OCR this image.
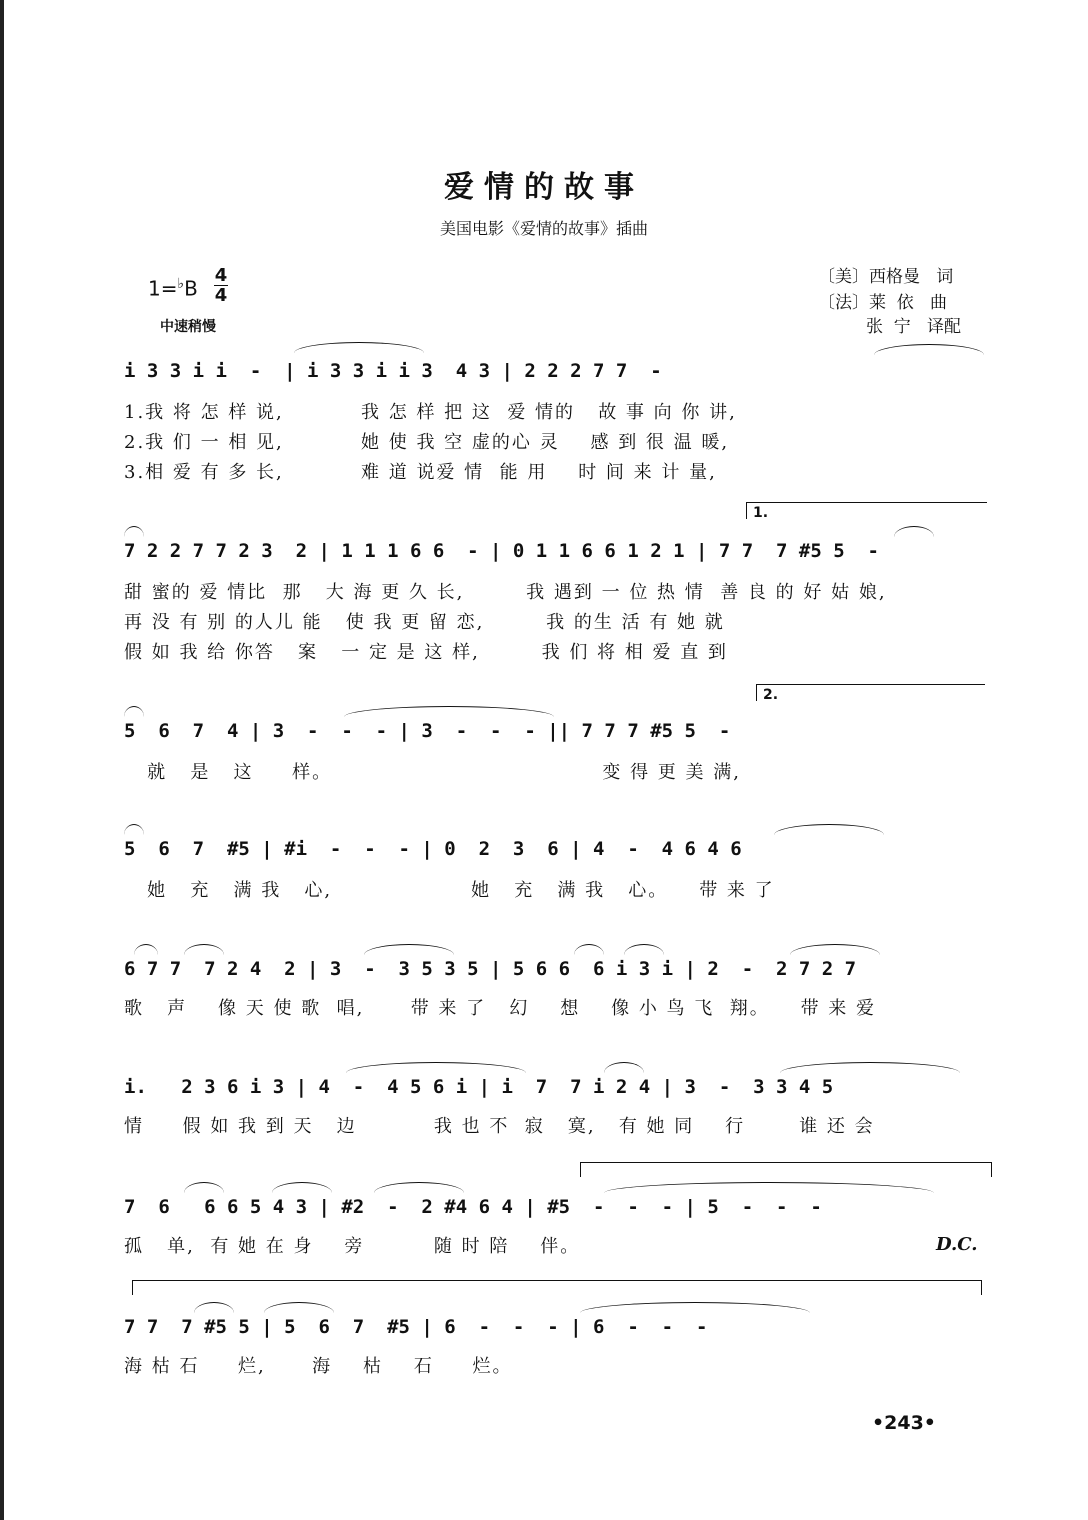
爱情的故事
美国电影《爱情的故事》插曲
1=♭B
4
4
中速稍慢
〔美〕西格曼   词
〔法〕莱  依   曲
张  宁   译配
i 3 3 i i  -  | i 3 3 i i 3  4 3 | 2 2 2 7 7  -
1.我 将 怎 样 说,          我 怎 样 把 这  爱 情的   故 事 向 你 讲,
2.我 们 一 相 见,          她 使 我 空 虚的心 灵    感 到 很 温 暖,
3.相 爱 有 多 长,          难 道 说爱 情  能 用    时 间 来 计 量,
1.
7 2 2 7 7 2 3  2 | 1 1 1 6 6  - | 0 1 1 6 6 1 2 1 | 7 7  7 #5 5  -
甜 蜜的 爱 情比  那   大 海 更 久 长,        我 遇到 一 位 热 情  善 良 的 好 姑 娘,
再 没 有 别 的人儿 能   使 我 更 留 恋,        我 的生 活 有 她 就
假 如 我 给 你答   案   一 定 是 这 样,        我 们 将 相 爱 直 到
2.
5  6  7  4 | 3  -  -  - | 3  -  -  - || 7 7 7 #5 5  -
就   是   这     样。                                   变 得 更 美 满,
5  6  7  #5 | #i  -  -  - | 0  2  3  6 | 4  -  4 6 4 6
她   充   满 我   心,                  她   充   满 我   心。    带 来 了
6 7 7  7 2 4  2 | 3  -  3 5 3 5 | 5 6 6  6 i 3 i | 2  -  2 7 2 7
歌   声    像 天 使 歌  唱,      带 来 了   幻    想    像 小 鸟 飞  翔。    带 来 爱
i.   2 3 6 i 3 | 4  -  4 5 6 i | i  7  7 i 2 4 | 3  -  3 3 4 5
情     假 如 我 到 天   边          我 也 不  寂   寞,   有 她 同    行       谁 还 会
7  6   6 6 5 4 3 | #2  -  2 #4 6 4 | #5  -  -  - | 5  -  -  -
孤   单,  有 她 在 身    旁         随 时 陪    伴。	D.C.
7 7  7 #5 5 | 5  6  7  #5 | 6  -  -  - | 6  -  -  -
海 枯 石     烂,      海    枯    石     烂。
•243•
